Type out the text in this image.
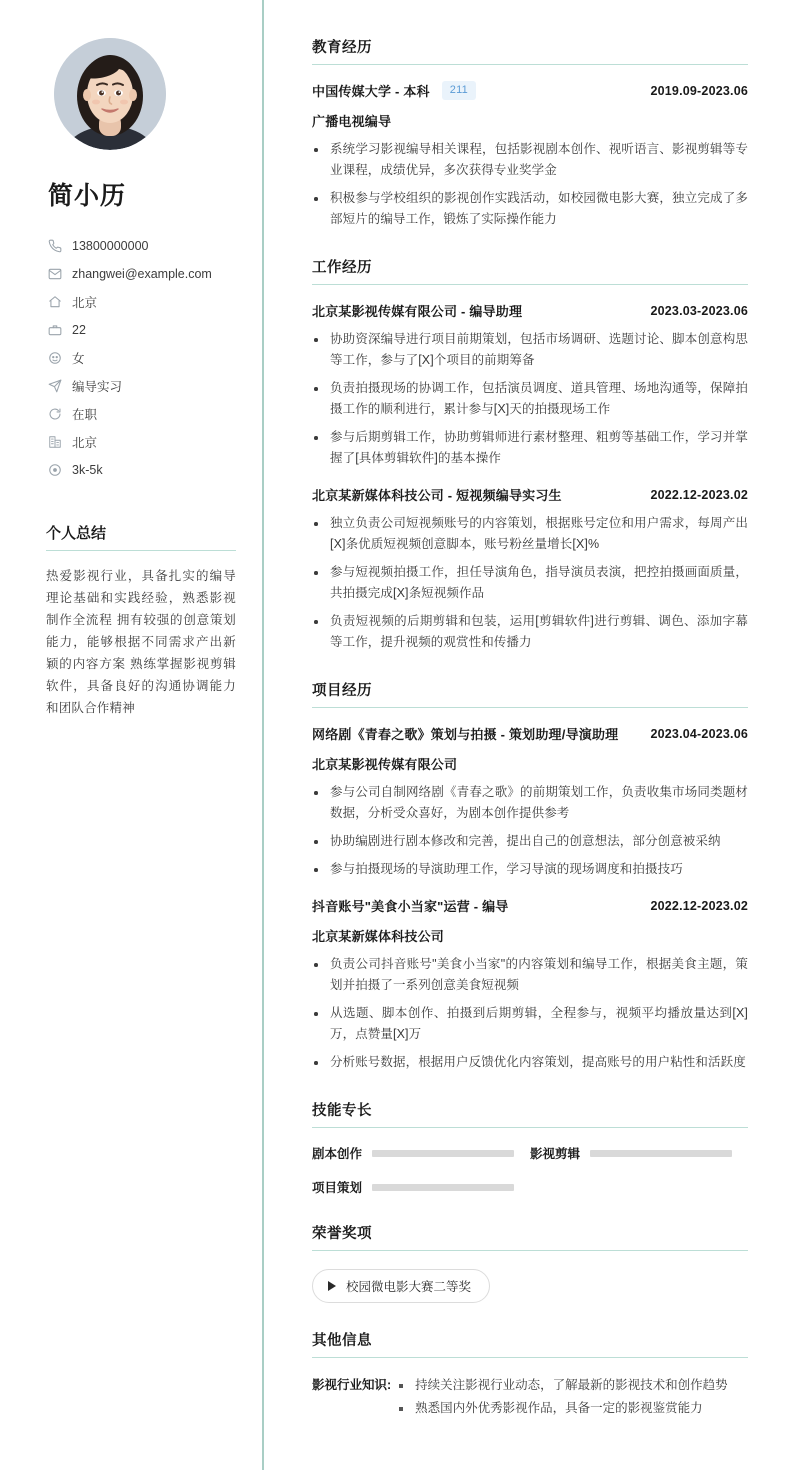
简小历
13800000000
zhangwei@example.com
北京
22
女
编导实习
在职
北京
3k-5k
个人总结

热爱影视行业，具备扎实的编导理论基础和实践经验，熟悉影视制作全流程 拥有较强的创意策划能力，能够根据不同需求产出新颖的内容方案 熟练掌握影视剪辑软件，具备良好的沟通协调能力和团队合作精神

教育经历
中国传媒大学 - 本科	211	2019.09-2023.06
广播电视编导
系统学习影视编导相关课程，包括影视剧本创作、视听语言、影视剪辑等专业课程，成绩优异，多次获得专业奖学金
积极参与学校组织的影视创作实践活动，如校园微电影大赛，独立完成了多部短片的编导工作，锻炼了实际操作能力
工作经历
北京某影视传媒有限公司 - 编导助理	2023.03-2023.06
协助资深编导进行项目前期策划，包括市场调研、选题讨论、脚本创意构思等工作，参与了[X]个项目的前期筹备
负责拍摄现场的协调工作，包括演员调度、道具管理、场地沟通等，保障拍摄工作的顺利进行，累计参与[X]天的拍摄现场工作
参与后期剪辑工作，协助剪辑师进行素材整理、粗剪等基础工作，学习并掌握了[具体剪辑软件]的基本操作
北京某新媒体科技公司 - 短视频编导实习生	2022.12-2023.02
独立负责公司短视频账号的内容策划，根据账号定位和用户需求，每周产出[X]条优质短视频创意脚本，账号粉丝量增长[X]%
参与短视频拍摄工作，担任导演角色，指导演员表演，把控拍摄画面质量，共拍摄完成[X]条短视频作品
负责短视频的后期剪辑和包装，运用[剪辑软件]进行剪辑、调色、添加字幕等工作，提升视频的观赏性和传播力
项目经历
网络剧《青春之歌》策划与拍摄 - 策划助理/导演助理	2023.04-2023.06
北京某影视传媒有限公司
参与公司自制网络剧《青春之歌》的前期策划工作，负责收集市场同类题材数据，分析受众喜好，为剧本创作提供参考
协助编剧进行剧本修改和完善，提出自己的创意想法，部分创意被采纳
参与拍摄现场的导演助理工作，学习导演的现场调度和拍摄技巧
抖音账号"美食小当家"运营 - 编导	2022.12-2023.02
北京某新媒体科技公司
负责公司抖音账号"美食小当家"的内容策划和编导工作，根据美食主题，策划并拍摄了一系列创意美食短视频
从选题、脚本创作、拍摄到后期剪辑，全程参与，视频平均播放量达到[X]万，点赞量[X]万
分析账号数据，根据用户反馈优化内容策划，提高账号的用户粘性和活跃度
技能专长
剧本创作	影视剪辑
项目策划
荣誉奖项
校园微电影大赛二等奖
其他信息
影视行业知识:	持续关注影视行业动态，了解最新的影视技术和创作趋势
熟悉国内外优秀影视作品，具备一定的影视鉴赏能力
